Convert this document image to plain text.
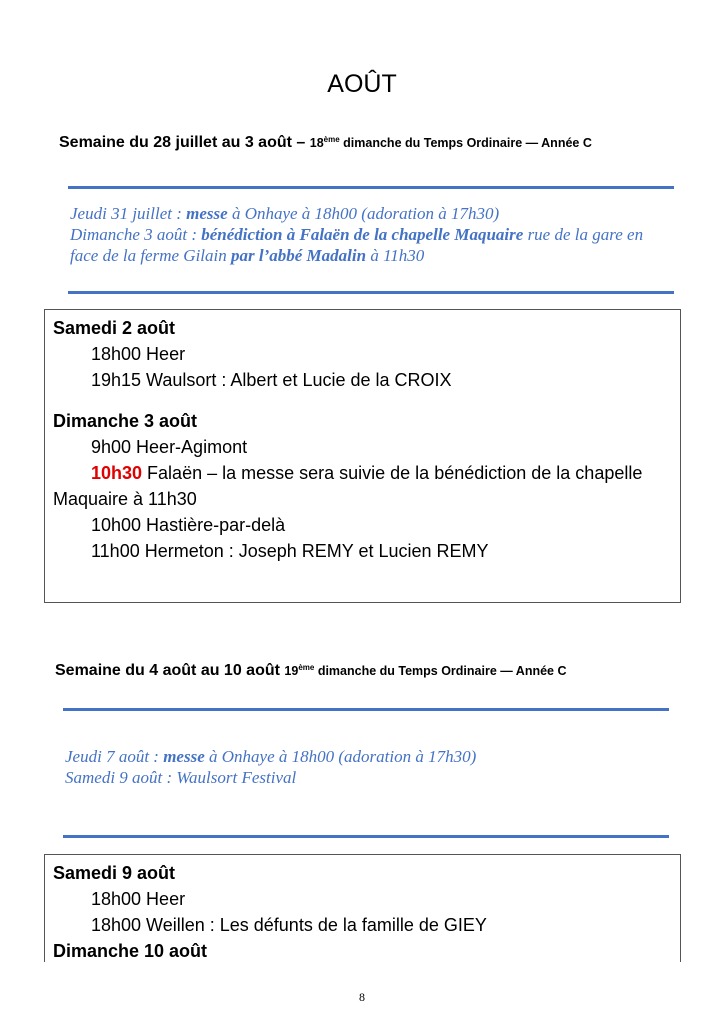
AOÛT
Semaine du 28 juillet au 3 août – 18ème dimanche du Temps Ordinaire — Année C
Jeudi 31 juillet : messe à Onhaye à 18h00 (adoration à 17h30)
Dimanche 3 août : bénédiction à Falaën de la chapelle Maquaire rue de la gare en face de la ferme Gilain par l’abbé Madalin à 11h30
Samedi 2 août
18h00 Heer
19h15 Waulsort : Albert et Lucie de la CROIX
Dimanche 3 août
9h00 Heer-Agimont
10h30 Falaën – la messe sera suivie de la bénédiction de la chapelle Maquaire à 11h30
10h00 Hastière-par-delà
11h00 Hermeton : Joseph REMY et Lucien REMY
Semaine du 4 août au 10 août 19ème dimanche du Temps Ordinaire — Année C
Jeudi 7 août : messe à Onhaye à 18h00 (adoration à 17h30)
Samedi 9 août : Waulsort Festival
Samedi 9 août
18h00 Heer
18h00 Weillen : Les défunts de la famille de GIEY
Dimanche 10 août
8
